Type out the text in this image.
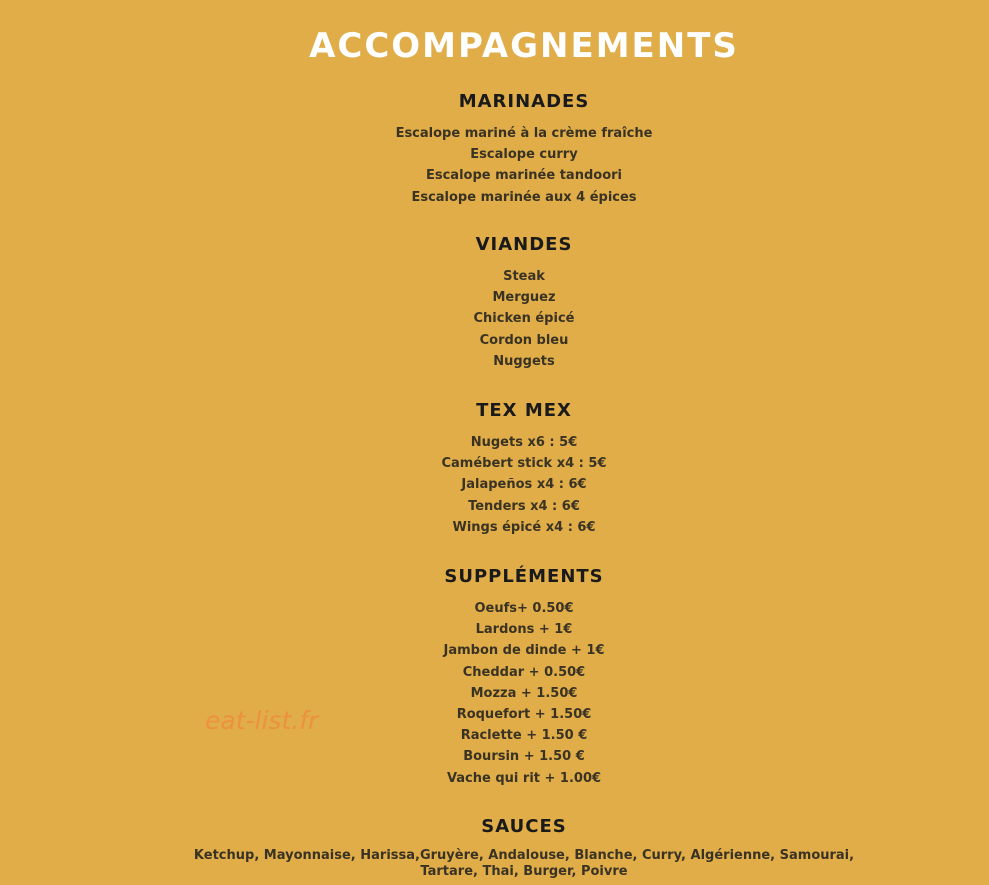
ACCOMPAGNEMENTS
MARINADES
Escalope mariné à la crème fraîche
Escalope curry
Escalope marinée tandoori
Escalope marinée aux 4 épices
VIANDES
Steak
Merguez
Chicken épicé
Cordon bleu
Nuggets
TEX MEX
Nugets x6 : 5€
Camébert stick x4 : 5€
Jalapeños x4 : 6€
Tenders x4 : 6€
Wings épicé x4 : 6€
SUPPLÉMENTS
Oeufs+ 0.50€
Lardons + 1€
Jambon de dinde + 1€
Cheddar + 0.50€
Mozza + 1.50€
Roquefort + 1.50€
Raclette + 1.50 €
Boursin + 1.50 €
Vache qui rit + 1.00€
SAUCES
Ketchup, Mayonnaise, Harissa,Gruyère, Andalouse, Blanche, Curry, Algérienne, Samourai, Tartare, Thai, Burger, Poivre
eat-list.fr
